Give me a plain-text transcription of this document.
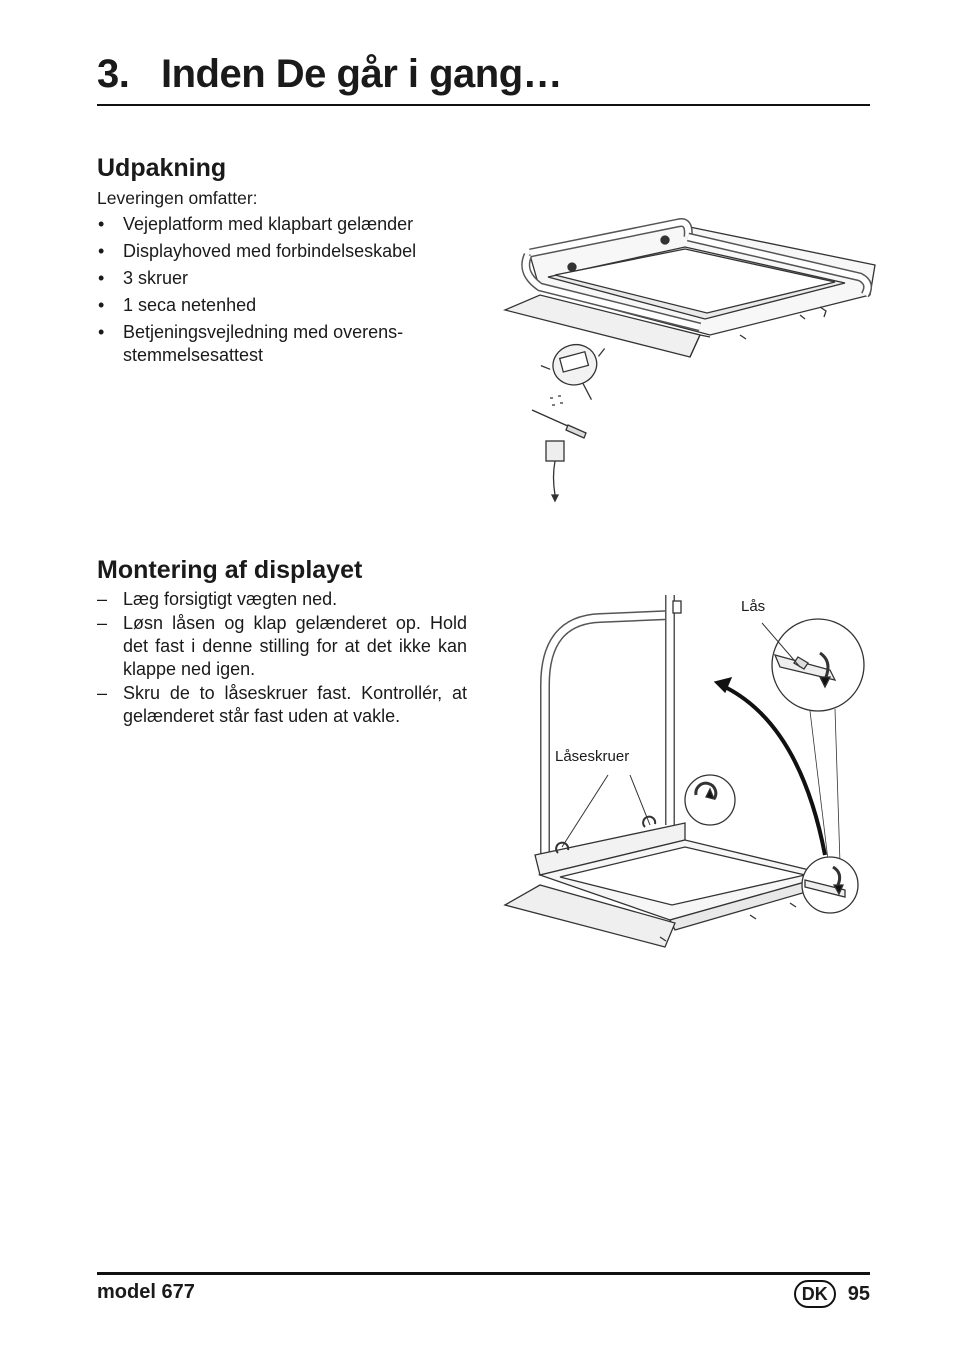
3. Inden De går i gang…
Udpakning
Leveringen omfatter:
• Vejeplatform med klapbart gelænder
• Displayhoved med forbindelseskabel
• 3 skruer
• 1 seca netenhed
• Betjeningsvejledning med overens-
stemmelsesattest
Montering af displayet
– Læg forsigtigt vægten ned.
– Løsn låsen og klap gelænderet op. Hold det fast i denne stilling for at det ikke kan klappe ned igen.
– Skru de to låseskruer fast. Kontrollér, at gelænderet står fast uden at vakle.
Lås
Låseskruer
model 677	DK	95
